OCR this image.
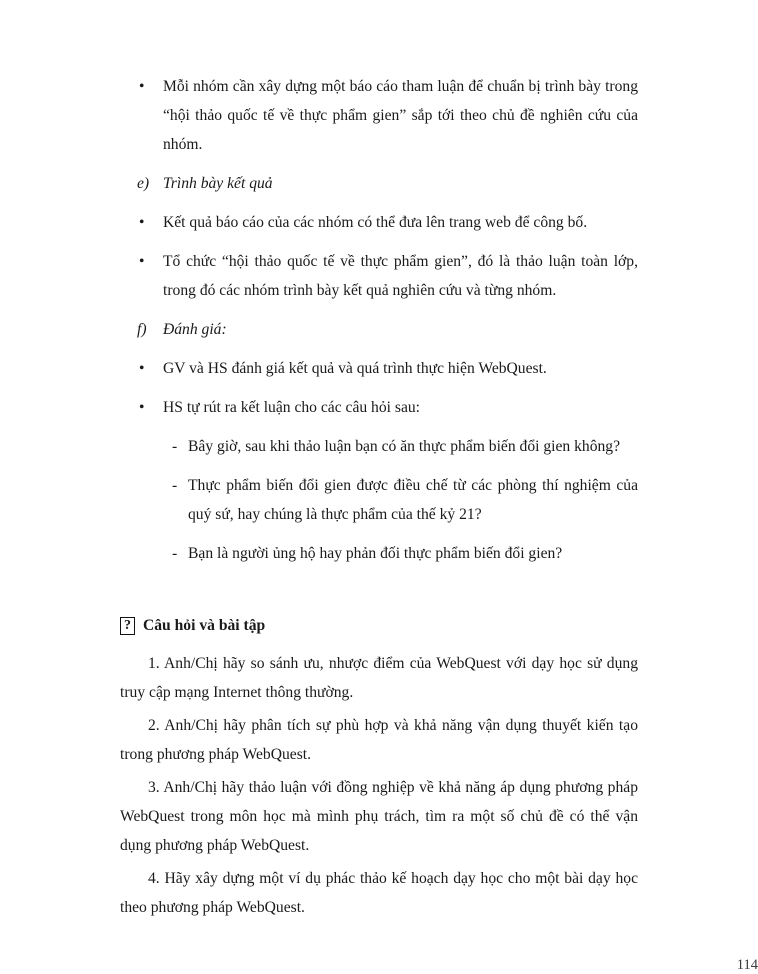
•	Mỗi nhóm cần xây dựng một báo cáo tham luận để chuẩn bị trình bày trong “hội thảo quốc tế về thực phẩm gien” sắp tới theo chủ đề nghiên cứu của nhóm.
e) Trình bày kết quả
•	Kết quả báo cáo của các nhóm có thể đưa lên trang web để công bố.
•	Tổ chức “hội thảo quốc tế về thực phẩm gien”, đó là thảo luận toàn lớp, trong đó các nhóm trình bày kết quả nghiên cứu và từng nhóm.
f) Đánh giá:
•	GV và HS đánh giá kết quả và quá trình thực hiện WebQuest.
•	HS tự rút ra kết luận cho các câu hỏi sau:
- Bây giờ, sau khi thảo luận bạn có ăn thực phẩm biến đổi gien không?
- Thực phẩm biến đổi gien được điều chế từ các phòng thí nghiệm của quý sứ, hay chúng là thực phẩm của thế kỷ 21?
- Bạn là người ủng hộ hay phản đối thực phẩm biến đổi gien?
? Câu hỏi và bài tập

1. Anh/Chị hãy so sánh ưu, nhược điểm của WebQuest với dạy học sử dụng truy cập mạng Internet thông thường.

2. Anh/Chị hãy phân tích sự phù hợp và khả năng vận dụng thuyết kiến tạo trong phương pháp WebQuest.

3. Anh/Chị hãy thảo luận với đồng nghiệp về khả năng áp dụng phương pháp WebQuest trong môn học mà mình phụ trách, tìm ra một số chủ đề có thể vận dụng phương pháp WebQuest.

4. Hãy xây dựng một ví dụ phác thảo kế hoạch dạy học cho một bài dạy học theo phương pháp WebQuest.

114
